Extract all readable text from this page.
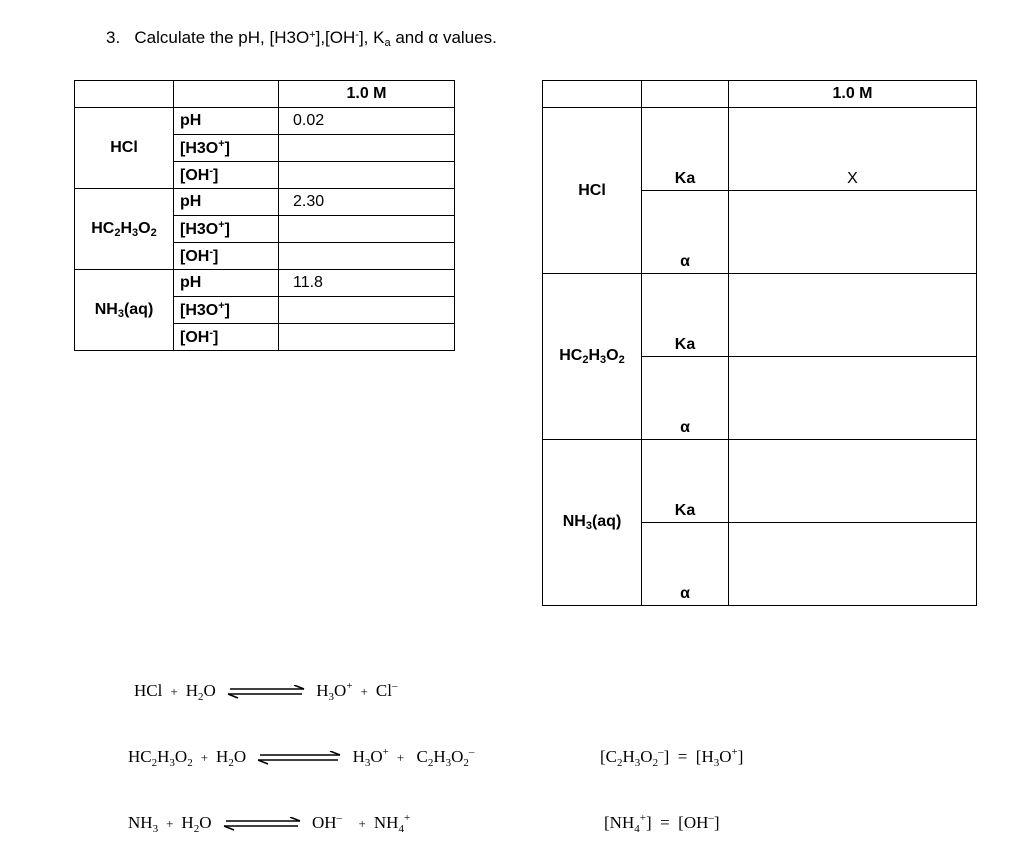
3. Calculate the pH, [H3O+],[OH-], $K_a$ and α values.
		1.0 M
HCl	pH	0.02
	[H3O+]	
	[OH-]	
$HC_2H_3O_2$	pH	2.30
	[H3O+]	
	[OH-]	
$NH_3(aq)$	pH	11.8
	[H3O+]	
	[OH-]	
		1.0 M
HCl	Ka	X
	α	
$HC_2H_3O_2$	Ka	
	α	
$NH_3(aq)$	Ka	
	α	
HCl + $H_2O$	$H_3O^+ + Cl^-$
$HC_2H_3O_2 + H_2O$	$H_3O^+ + C_2H_3O_2^-$	$[C_2H_3O_2^-] = [H_3O^+]$
$NH_3 + H_2O$	$OH^- + NH_4^+$	$[NH_4^+] = [OH^-]$
